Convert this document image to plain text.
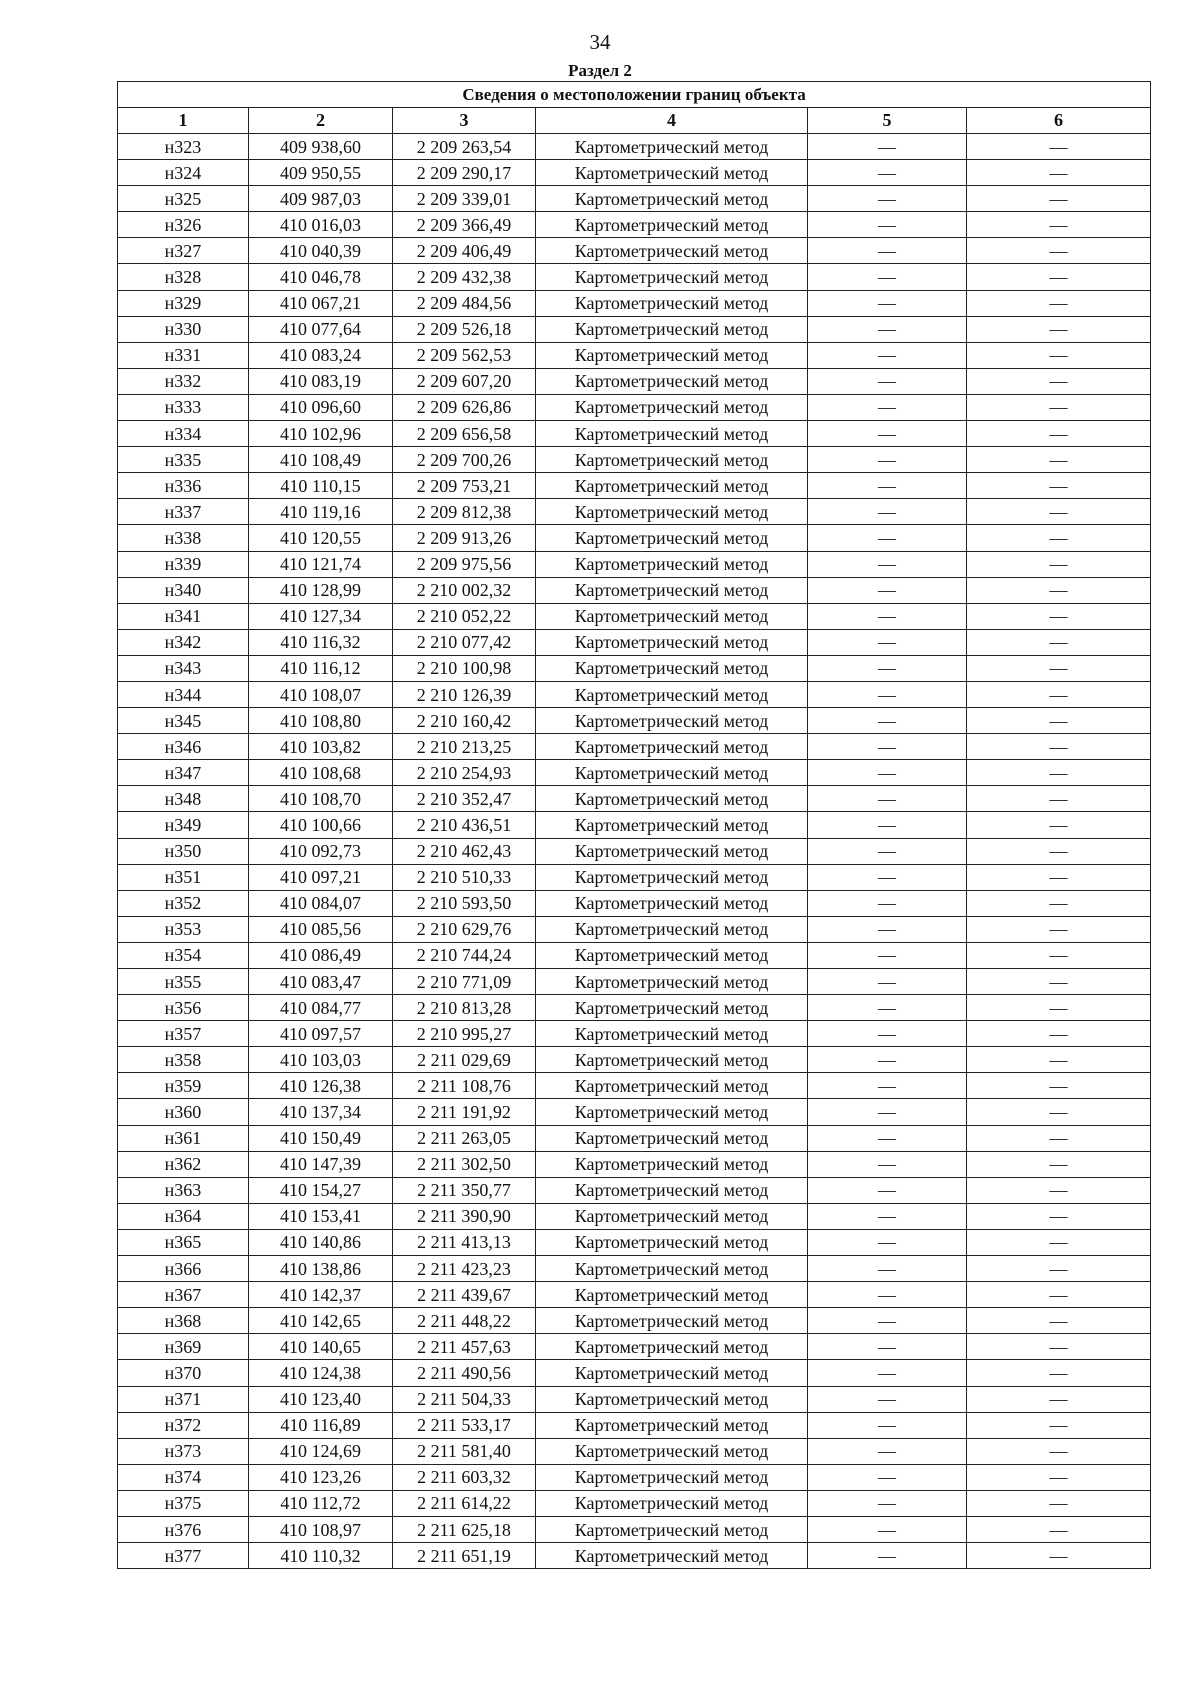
34
Раздел 2
Сведения о местоположении границ объекта					
1	2	3	4	5	6
н323	409 938,60	2 209 263,54	Картометрический метод	—	—
н324	409 950,55	2 209 290,17	Картометрический метод	—	—
н325	409 987,03	2 209 339,01	Картометрический метод	—	—
н326	410 016,03	2 209 366,49	Картометрический метод	—	—
н327	410 040,39	2 209 406,49	Картометрический метод	—	—
н328	410 046,78	2 209 432,38	Картометрический метод	—	—
н329	410 067,21	2 209 484,56	Картометрический метод	—	—
н330	410 077,64	2 209 526,18	Картометрический метод	—	—
н331	410 083,24	2 209 562,53	Картометрический метод	—	—
н332	410 083,19	2 209 607,20	Картометрический метод	—	—
н333	410 096,60	2 209 626,86	Картометрический метод	—	—
н334	410 102,96	2 209 656,58	Картометрический метод	—	—
н335	410 108,49	2 209 700,26	Картометрический метод	—	—
н336	410 110,15	2 209 753,21	Картометрический метод	—	—
н337	410 119,16	2 209 812,38	Картометрический метод	—	—
н338	410 120,55	2 209 913,26	Картометрический метод	—	—
н339	410 121,74	2 209 975,56	Картометрический метод	—	—
н340	410 128,99	2 210 002,32	Картометрический метод	—	—
н341	410 127,34	2 210 052,22	Картометрический метод	—	—
н342	410 116,32	2 210 077,42	Картометрический метод	—	—
н343	410 116,12	2 210 100,98	Картометрический метод	—	—
н344	410 108,07	2 210 126,39	Картометрический метод	—	—
н345	410 108,80	2 210 160,42	Картометрический метод	—	—
н346	410 103,82	2 210 213,25	Картометрический метод	—	—
н347	410 108,68	2 210 254,93	Картометрический метод	—	—
н348	410 108,70	2 210 352,47	Картометрический метод	—	—
н349	410 100,66	2 210 436,51	Картометрический метод	—	—
н350	410 092,73	2 210 462,43	Картометрический метод	—	—
н351	410 097,21	2 210 510,33	Картометрический метод	—	—
н352	410 084,07	2 210 593,50	Картометрический метод	—	—
н353	410 085,56	2 210 629,76	Картометрический метод	—	—
н354	410 086,49	2 210 744,24	Картометрический метод	—	—
н355	410 083,47	2 210 771,09	Картометрический метод	—	—
н356	410 084,77	2 210 813,28	Картометрический метод	—	—
н357	410 097,57	2 210 995,27	Картометрический метод	—	—
н358	410 103,03	2 211 029,69	Картометрический метод	—	—
н359	410 126,38	2 211 108,76	Картометрический метод	—	—
н360	410 137,34	2 211 191,92	Картометрический метод	—	—
н361	410 150,49	2 211 263,05	Картометрический метод	—	—
н362	410 147,39	2 211 302,50	Картометрический метод	—	—
н363	410 154,27	2 211 350,77	Картометрический метод	—	—
н364	410 153,41	2 211 390,90	Картометрический метод	—	—
н365	410 140,86	2 211 413,13	Картометрический метод	—	—
н366	410 138,86	2 211 423,23	Картометрический метод	—	—
н367	410 142,37	2 211 439,67	Картометрический метод	—	—
н368	410 142,65	2 211 448,22	Картометрический метод	—	—
н369	410 140,65	2 211 457,63	Картометрический метод	—	—
н370	410 124,38	2 211 490,56	Картометрический метод	—	—
н371	410 123,40	2 211 504,33	Картометрический метод	—	—
н372	410 116,89	2 211 533,17	Картометрический метод	—	—
н373	410 124,69	2 211 581,40	Картометрический метод	—	—
н374	410 123,26	2 211 603,32	Картометрический метод	—	—
н375	410 112,72	2 211 614,22	Картометрический метод	—	—
н376	410 108,97	2 211 625,18	Картометрический метод	—	—
н377	410 110,32	2 211 651,19	Картометрический метод	—	—
